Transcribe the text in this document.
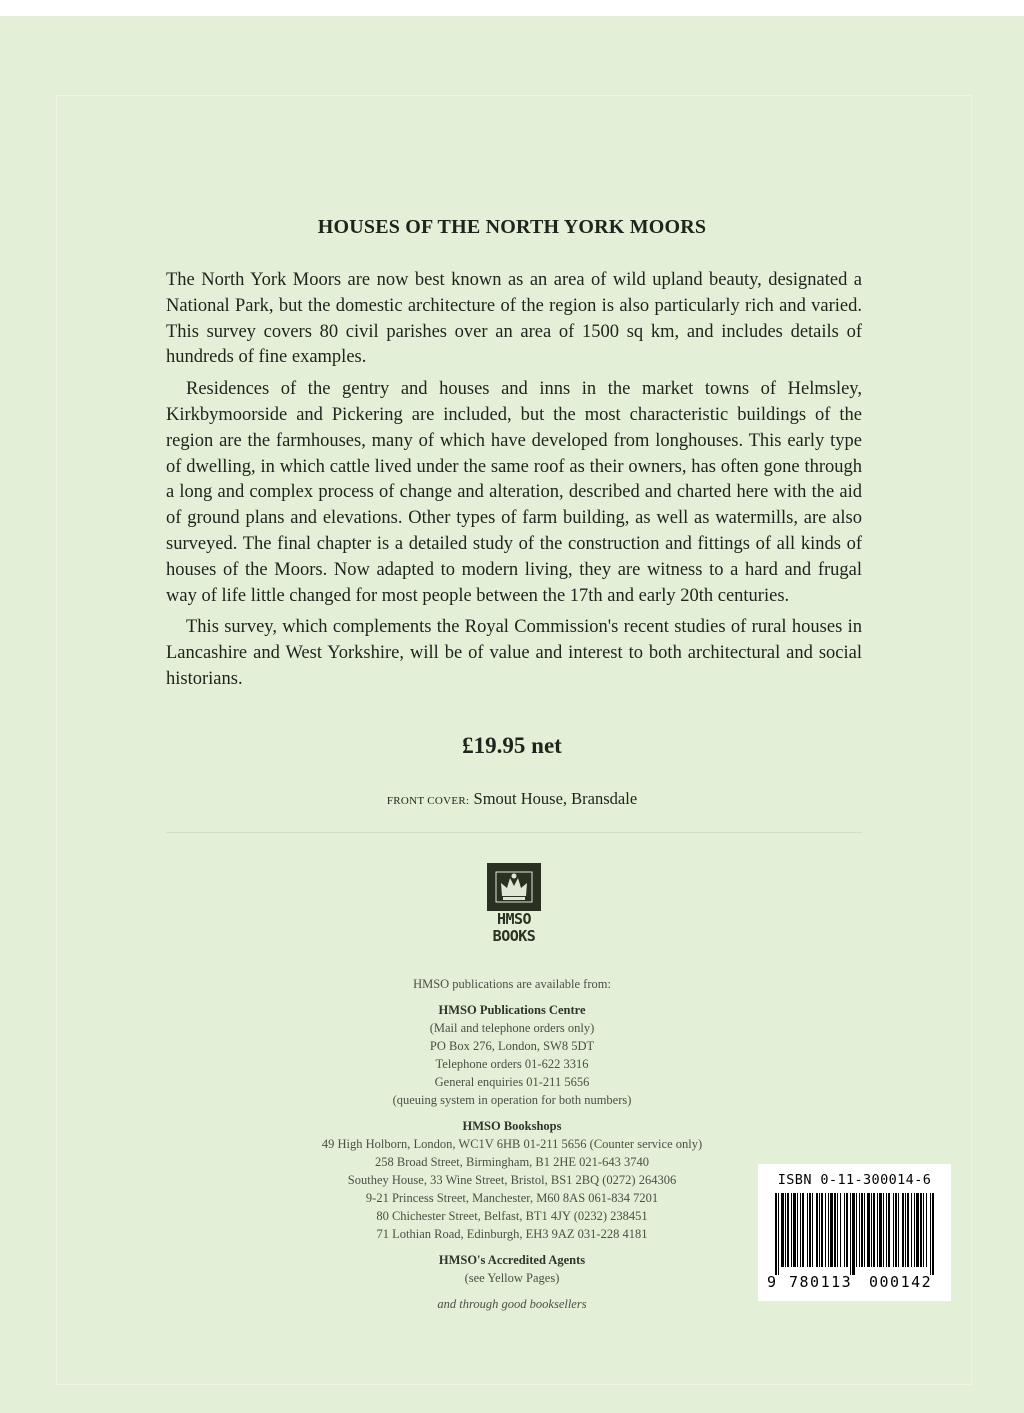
HOUSES OF THE NORTH YORK MOORS

The North York Moors are now best known as an area of wild upland beauty, designated a National Park, but the domestic architecture of the region is also particularly rich and varied. This survey covers 80 civil parishes over an area of 1500 sq km, and includes details of hundreds of fine examples.

Residences of the gentry and houses and inns in the market towns of Helmsley, Kirkbymoorside and Pickering are included, but the most characteristic buildings of the region are the farmhouses, many of which have developed from longhouses. This early type of dwelling, in which cattle lived under the same roof as their owners, has often gone through a long and complex process of change and alteration, described and charted here with the aid of ground plans and elevations. Other types of farm building, as well as watermills, are also surveyed. The final chapter is a detailed study of the construction and fittings of all kinds of houses of the Moors. Now adapted to modern living, they are witness to a hard and frugal way of life little changed for most people between the 17th and early 20th centuries.

This survey, which complements the Royal Commission's recent studies of rural houses in Lancashire and West Yorkshire, will be of value and interest to both architectural and social historians.

£19.95 net
FRONT COVER: Smout House, Bransdale
HMSO
BOOKS
HMSO publications are available from:
HMSO Publications Centre
(Mail and telephone orders only)
PO Box 276, London, SW8 5DT
Telephone orders 01-622 3316
General enquiries 01-211 5656
(queuing system in operation for both numbers)
HMSO Bookshops
49 High Holborn, London, WC1V 6HB 01-211 5656 (Counter service only)
258 Broad Street, Birmingham, B1 2HE 021-643 3740
Southey House, 33 Wine Street, Bristol, BS1 2BQ (0272) 264306
9-21 Princess Street, Manchester, M60 8AS 061-834 7201
80 Chichester Street, Belfast, BT1 4JY (0232) 238451
71 Lothian Road, Edinburgh, EH3 9AZ 031-228 4181
HMSO's Accredited Agents
(see Yellow Pages)
and through good booksellers
ISBN 0-11-300014-6
9 780113 000142
